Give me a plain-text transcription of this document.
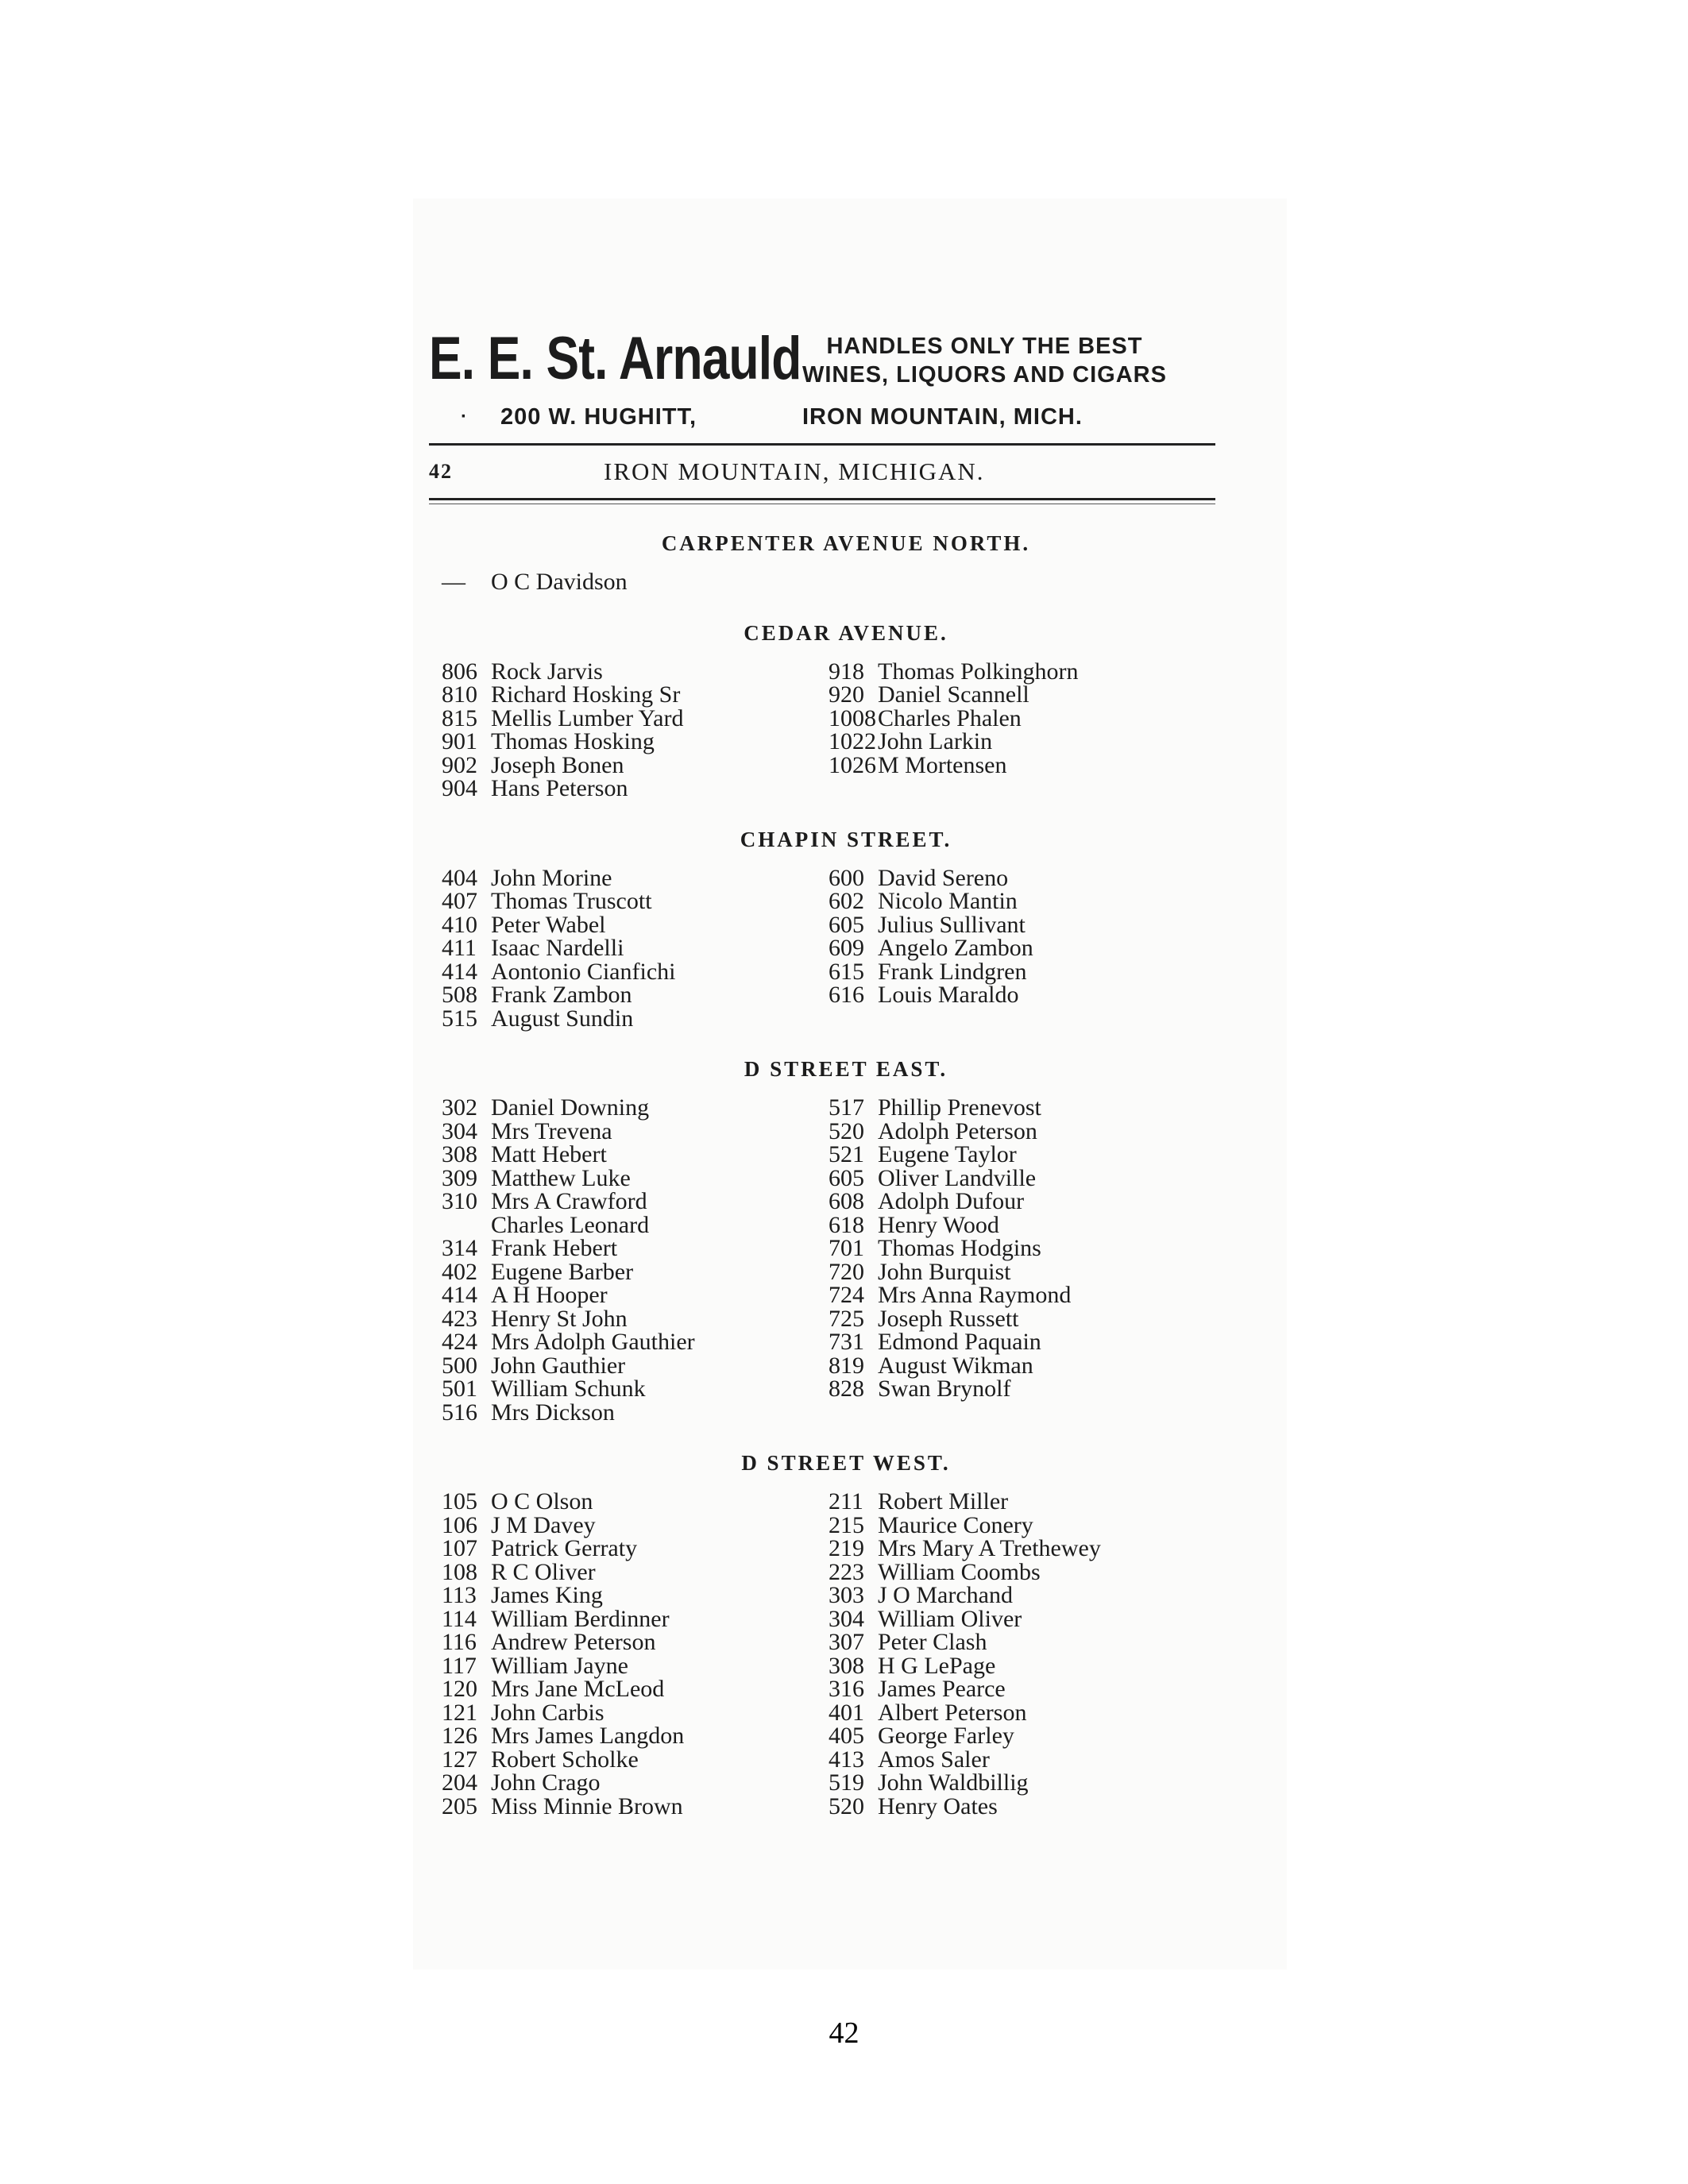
E. E. St. Arnauld	HANDLES ONLY THE BEST
WINES, LIQUORS AND CIGARS
·	200 W. HUGHITT,	IRON MOUNTAIN, MICH.
42	IRON MOUNTAIN, MICHIGAN.
CARPENTER AVENUE NORTH.
—	O C Davidson
CEDAR AVENUE.
806 Rock Jarvis
810 Richard Hosking Sr
815 Mellis Lumber Yard
901 Thomas Hosking
902 Joseph Bonen
904 Hans Peterson
918 Thomas Polkinghorn
920 Daniel Scannell
1008 Charles Phalen
1022 John Larkin
1026 M Mortensen
CHAPIN STREET.
404 John Morine
407 Thomas Truscott
410 Peter Wabel
411 Isaac Nardelli
414 Aontonio Cianfichi
508 Frank Zambon
515 August Sundin
600 David Sereno
602 Nicolo Mantin
605 Julius Sullivant
609 Angelo Zambon
615 Frank Lindgren
616 Louis Maraldo
D STREET EAST.
302 Daniel Downing
304 Mrs Trevena
308 Matt Hebert
309 Matthew Luke
310 Mrs A Crawford
Charles Leonard
314 Frank Hebert
402 Eugene Barber
414 A H Hooper
423 Henry St John
424 Mrs Adolph Gauthier
500 John Gauthier
501 William Schunk
516 Mrs Dickson
517 Phillip Prenevost
520 Adolph Peterson
521 Eugene Taylor
605 Oliver Landville
608 Adolph Dufour
618 Henry Wood
701 Thomas Hodgins
720 John Burquist
724 Mrs Anna Raymond
725 Joseph Russett
731 Edmond Paquain
819 August Wikman
828 Swan Brynolf
D STREET WEST.
105 O C Olson
106 J M Davey
107 Patrick Gerraty
108 R C Oliver
113 James King
114 William Berdinner
116 Andrew Peterson
117 William Jayne
120 Mrs Jane McLeod
121 John Carbis
126 Mrs James Langdon
127 Robert Scholke
204 John Crago
205 Miss Minnie Brown
211 Robert Miller
215 Maurice Conery
219 Mrs Mary A Trethewey
223 William Coombs
303 J O Marchand
304 William Oliver
307 Peter Clash
308 H G LePage
316 James Pearce
401 Albert Peterson
405 George Farley
413 Amos Saler
519 John Waldbillig
520 Henry Oates
42
